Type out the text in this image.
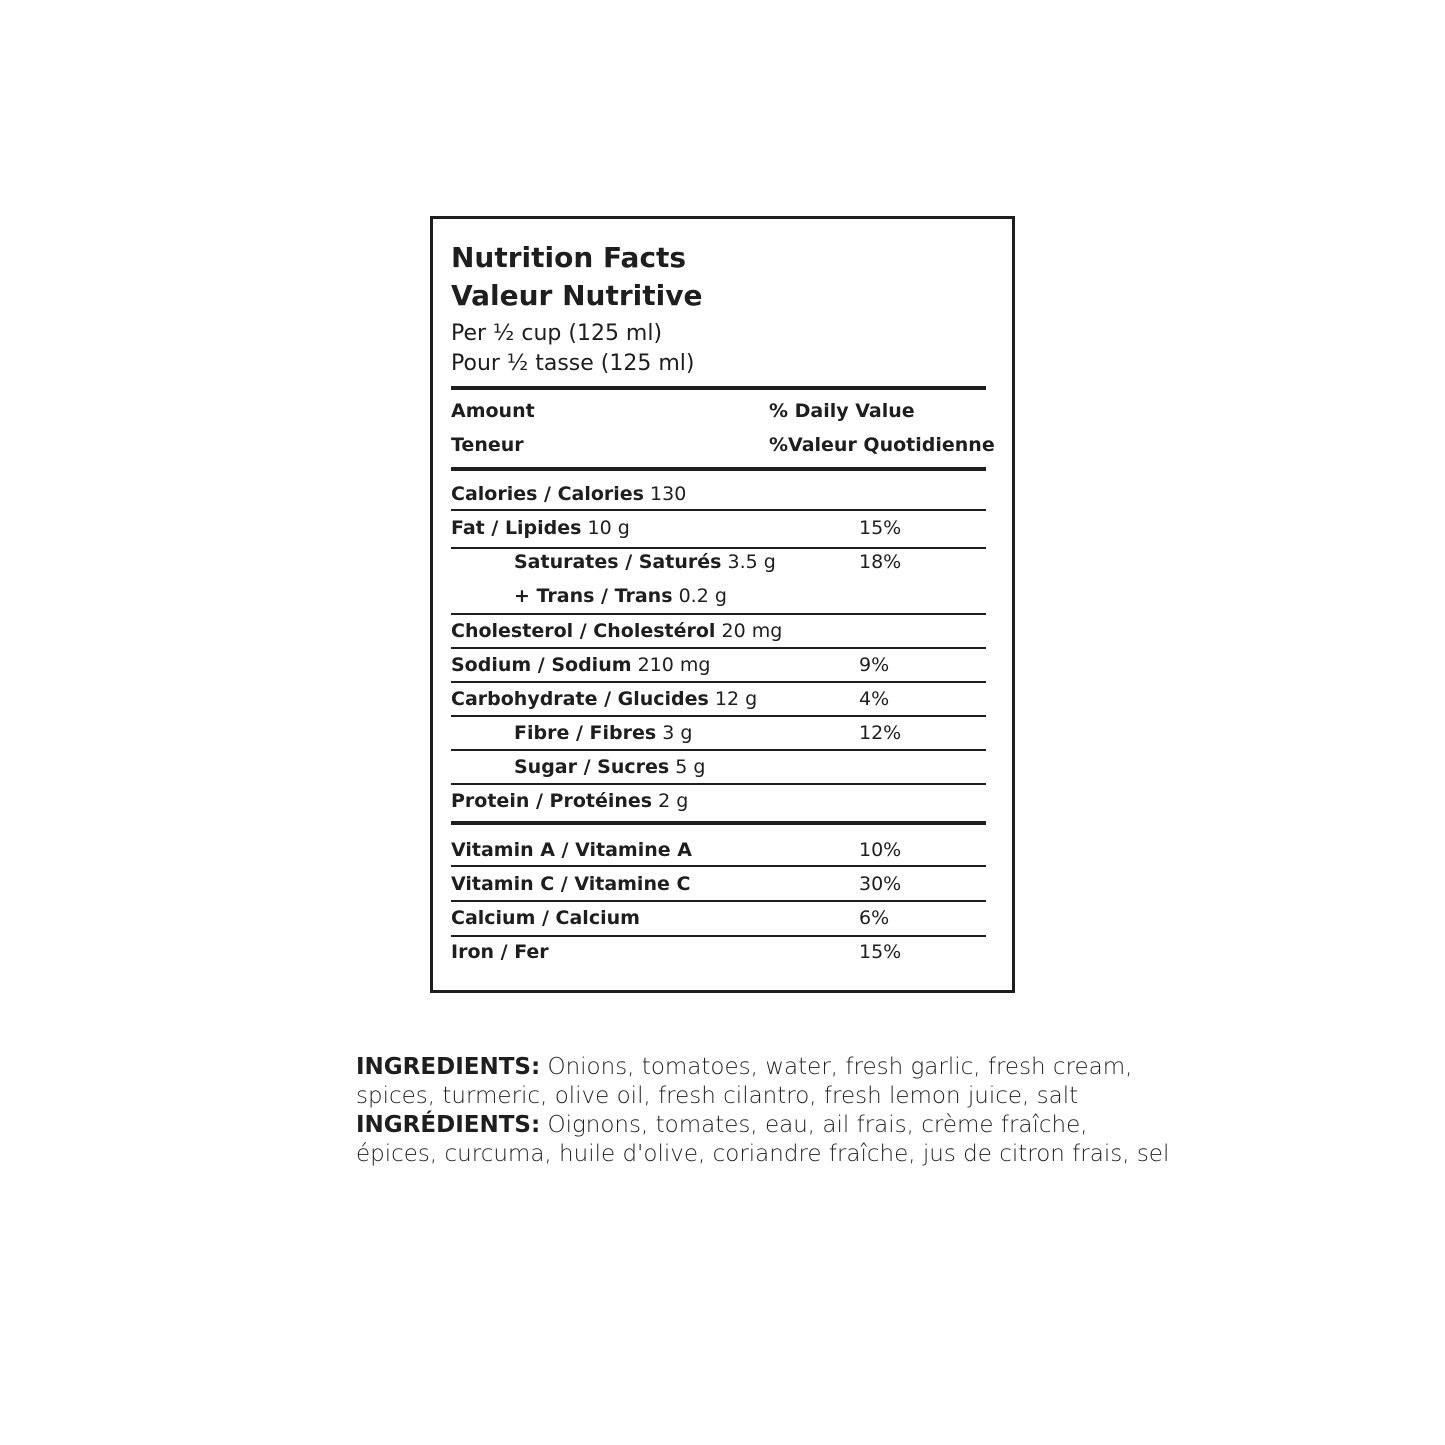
Nutrition Facts
Valeur Nutritive
Per ½ cup (125 ml)
Pour ½ tasse (125 ml)
Amount	% Daily Value
Teneur	%Valeur Quotidienne
Calories / Calories 130
Fat / Lipides 10 g	15%
Saturates / Saturés 3.5 g	18%
+ Trans / Trans 0.2 g
Cholesterol / Cholestérol 20 mg
Sodium / Sodium 210 mg	9%
Carbohydrate / Glucides 12 g	4%
Fibre / Fibres 3 g	12%
Sugar / Sucres 5 g
Protein / Protéines 2 g
Vitamin A / Vitamine A	10%
Vitamin C / Vitamine C	30%
Calcium / Calcium	6%
Iron / Fer	15%

INGREDIENTS: Onions, tomatoes, water, fresh garlic, fresh cream, spices, turmeric, olive oil, fresh cilantro, fresh lemon juice, salt

INGRÉDIENTS: Oignons, tomates, eau, ail frais, crème fraîche, épices, curcuma, huile d'olive, coriandre fraîche, jus de citron frais, sel
